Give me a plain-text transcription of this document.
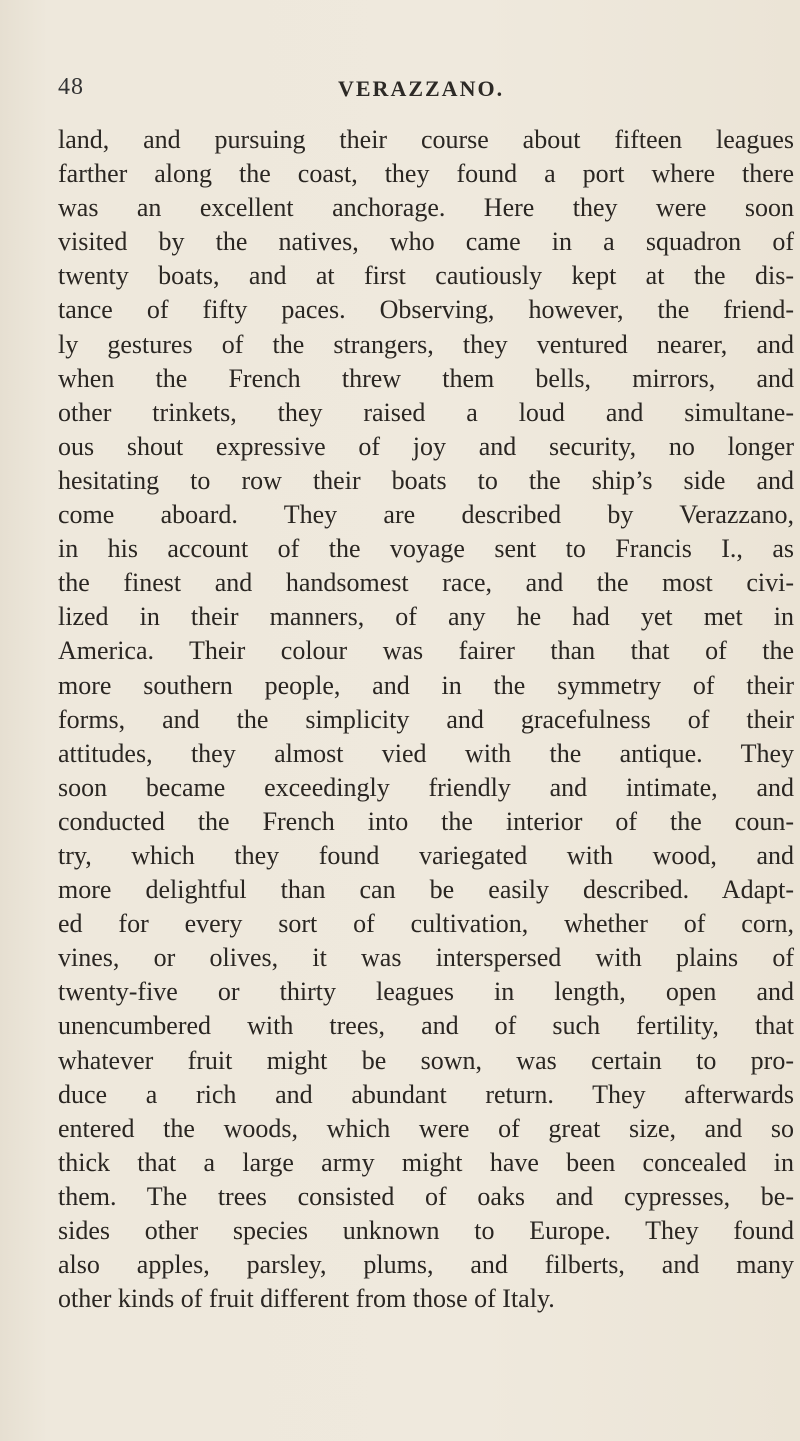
48	VERAZZANO.
land, and pursuing their course about fifteen leagues
farther along the coast, they found a port where there
was an excellent anchorage. Here they were soon
visited by the natives, who came in a squadron of
twenty boats, and at first cautiously kept at the dis-
tance of fifty paces. Observing, however, the friend-
ly gestures of the strangers, they ventured nearer, and
when the French threw them bells, mirrors, and
other trinkets, they raised a loud and simultane-
ous shout expressive of joy and security, no longer
hesitating to row their boats to the ship’s side and
come aboard. They are described by Verazzano,
in his account of the voyage sent to Francis I., as
the finest and handsomest race, and the most civi-
lized in their manners, of any he had yet met in
America. Their colour was fairer than that of the
more southern people, and in the symmetry of their
forms, and the simplicity and gracefulness of their
attitudes, they almost vied with the antique. They
soon became exceedingly friendly and intimate, and
conducted the French into the interior of the coun-
try, which they found variegated with wood, and
more delightful than can be easily described. Adapt-
ed for every sort of cultivation, whether of corn,
vines, or olives, it was interspersed with plains of
twenty-five or thirty leagues in length, open and
unencumbered with trees, and of such fertility, that
whatever fruit might be sown, was certain to pro-
duce a rich and abundant return. They afterwards
entered the woods, which were of great size, and so
thick that a large army might have been concealed in
them. The trees consisted of oaks and cypresses, be-
sides other species unknown to Europe. They found
also apples, parsley, plums, and filberts, and many
other kinds of fruit different from those of Italy.
